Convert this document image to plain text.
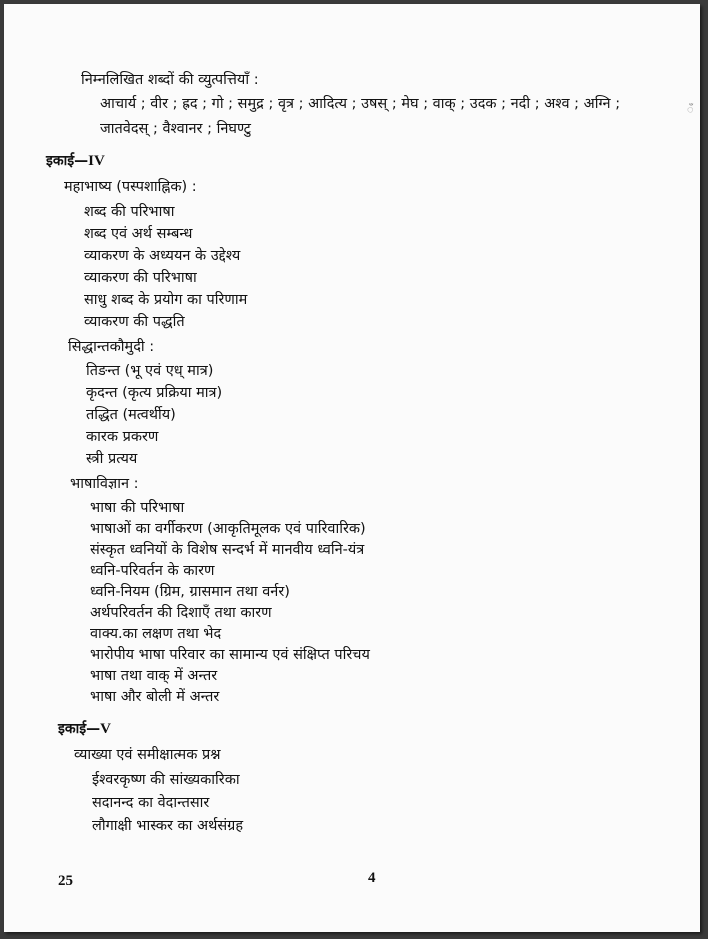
निम्नलिखित शब्दों की व्युत्पत्तियाँ :
आचार्य ; वीर ; ह्रद ; गो ; समुद्र ; वृत्र ; आदित्य ; उषस् ; मेघ ; वाक् ; उदक ; नदी ; अश्व ; अग्नि ;
जातवेदस् ; वैश्वानर ; निघण्टु
ँ
इकाई—IV
महाभाष्य (पस्पशाह्निक) :
शब्द की परिभाषा
शब्द एवं अर्थ सम्बन्ध
व्याकरण के अध्ययन के उद्देश्य
व्याकरण की परिभाषा
साधु शब्द के प्रयोग का परिणाम
व्याकरण की पद्धति
सिद्धान्तकौमुदी :
तिङन्त (भू एवं एध् मात्र)
कृदन्त (कृत्य प्रक्रिया मात्र)
तद्धित (मत्वर्थीय)
कारक प्रकरण
स्त्री प्रत्यय
भाषाविज्ञान :
भाषा की परिभाषा
भाषाओं का वर्गीकरण (आकृतिमूलक एवं पारिवारिक)
संस्कृत ध्वनियों के विशेष सन्दर्भ में मानवीय ध्वनि-यंत्र
ध्वनि-परिवर्तन के कारण
ध्वनि-नियम (ग्रिम, ग्रासमान तथा वर्नर)
अर्थपरिवर्तन की दिशाएँ तथा कारण
वाक्य.का लक्षण तथा भेद
भारोपीय भाषा परिवार का सामान्य एवं संक्षिप्त परिचय
भाषा तथा वाक् में अन्तर
भाषा और बोली में अन्तर
इकाई—V
व्याख्या एवं समीक्षात्मक प्रश्न
ईश्वरकृष्ण की सांख्यकारिका
सदानन्द का वेदान्तसार
लौगाक्षी भास्कर का अर्थसंग्रह
25	4
